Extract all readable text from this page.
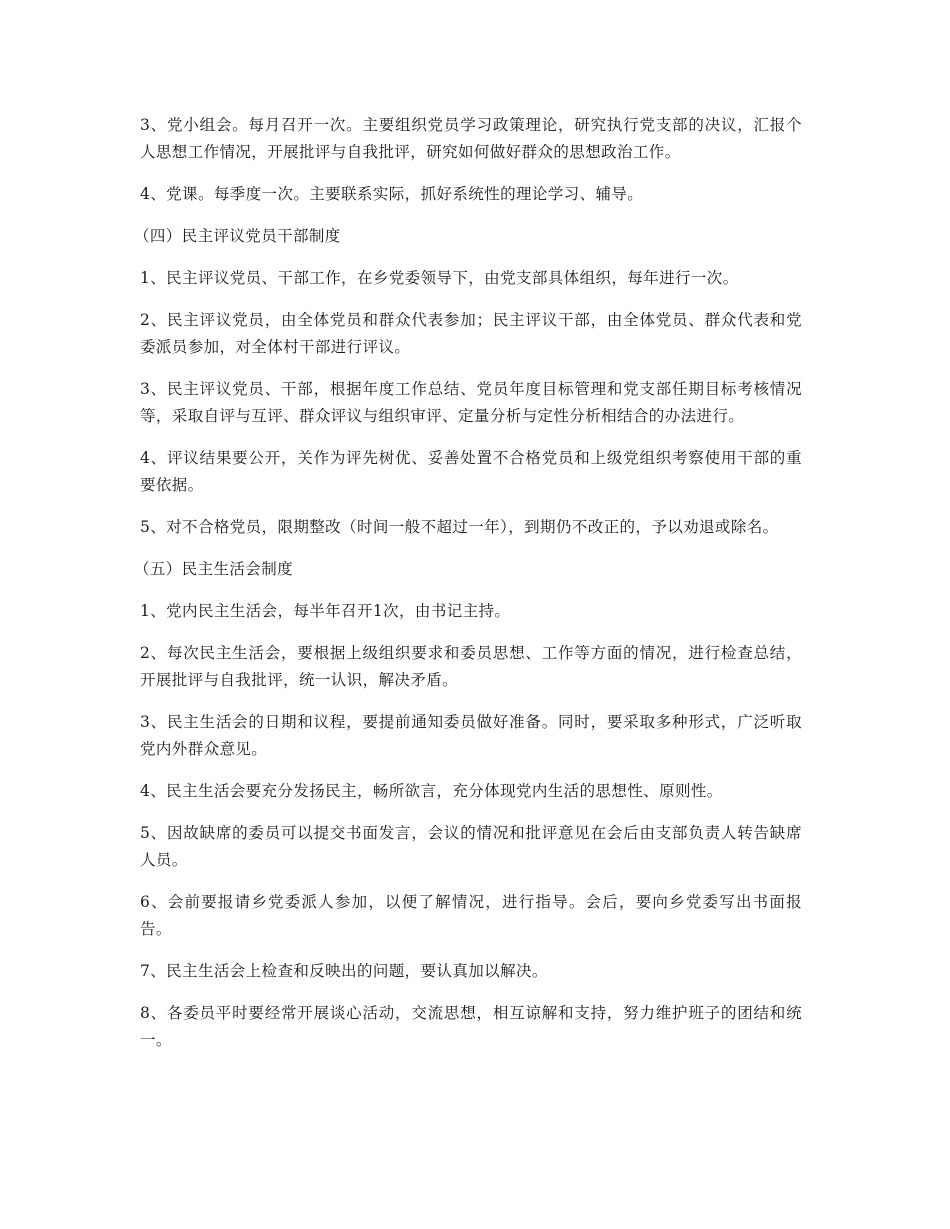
3、党小组会。每月召开一次。主要组织党员学习政策理论，研究执行党支部的决议，汇报个人思想工作情况，开展批评与自我批评，研究如何做好群众的思想政治工作。

4、党课。每季度一次。主要联系实际，抓好系统性的理论学习、辅导。

（四）民主评议党员干部制度

1、民主评议党员、干部工作，在乡党委领导下，由党支部具体组织，每年进行一次。

2、民主评议党员，由全体党员和群众代表参加；民主评议干部，由全体党员、群众代表和党委派员参加，对全体村干部进行评议。

3、民主评议党员、干部，根据年度工作总结、党员年度目标管理和党支部任期目标考核情况等，采取自评与互评、群众评议与组织审评、定量分析与定性分析相结合的办法进行。

4、评议结果要公开，关作为评先树优、妥善处置不合格党员和上级党组织考察使用干部的重要依据。

5、对不合格党员，限期整改（时间一般不超过一年），到期仍不改正的，予以劝退或除名。

（五）民主生活会制度

1、党内民主生活会，每半年召开1次，由书记主持。

2、每次民主生活会，要根据上级组织要求和委员思想、工作等方面的情况，进行检查总结，开展批评与自我批评，统一认识，解决矛盾。

3、民主生活会的日期和议程，要提前通知委员做好准备。同时，要采取多种形式，广泛听取党内外群众意见。

4、民主生活会要充分发扬民主，畅所欲言，充分体现党内生活的思想性、原则性。

5、因故缺席的委员可以提交书面发言，会议的情况和批评意见在会后由支部负责人转告缺席人员。

6、会前要报请乡党委派人参加，以便了解情况，进行指导。会后，要向乡党委写出书面报告。

7、民主生活会上检查和反映出的问题，要认真加以解决。

8、各委员平时要经常开展谈心活动，交流思想，相互谅解和支持，努力维护班子的团结和统一。
